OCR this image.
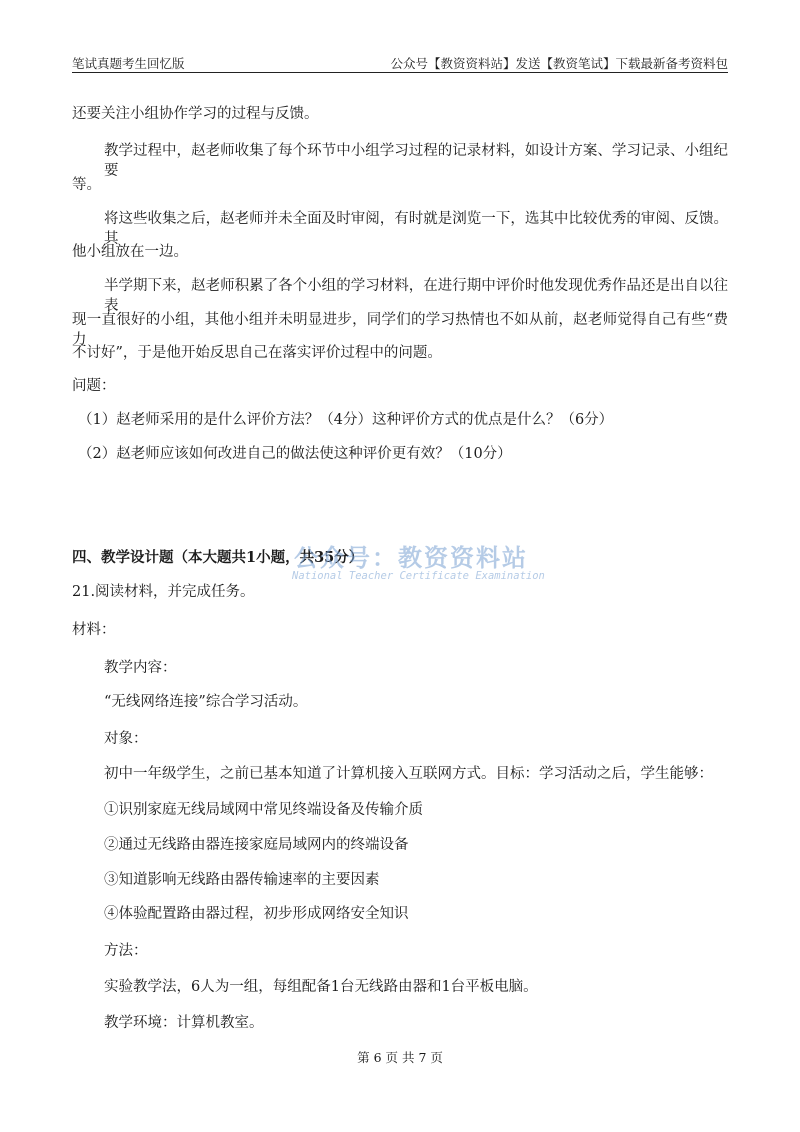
笔试真题考生回忆版	公众号【教资资料站】发送【教资笔试】下载最新备考资料包
还要关注小组协作学习的过程与反馈。
教学过程中，赵老师收集了每个环节中小组学习过程的记录材料，如设计方案、学习记录、小组纪要
等。
将这些收集之后，赵老师并未全面及时审阅，有时就是浏览一下，选其中比较优秀的审阅、反馈。其
他小组放在一边。
半学期下来，赵老师积累了各个小组的学习材料，在进行期中评价时他发现优秀作品还是出自以往表
现一直很好的小组，其他小组并未明显进步，同学们的学习热情也不如从前，赵老师觉得自己有些“费力
不讨好”，于是他开始反思自己在落实评价过程中的问题。
问题：
（1）赵老师采用的是什么评价方法？（4分）这种评价方式的优点是什么？（6分）
（2）赵老师应该如何改进自己的做法使这种评价更有效？（10分）
四、教学设计题（本大题共1小题，共35分）
21.阅读材料，并完成任务。
材料：
教学内容：
“无线网络连接”综合学习活动。
对象：
初中一年级学生，之前已基本知道了计算机接入互联网方式。目标：学习活动之后，学生能够：
①识别家庭无线局域网中常见终端设备及传输介质
②通过无线路由器连接家庭局域网内的终端设备
③知道影响无线路由器传输速率的主要因素
④体验配置路由器过程，初步形成网络安全知识
方法：
实验教学法，6人为一组，每组配备1台无线路由器和1台平板电脑。
教学环境：计算机教室。
公众号：教资资料站
National Teacher Certificate Examination
第 6 页 共 7 页
